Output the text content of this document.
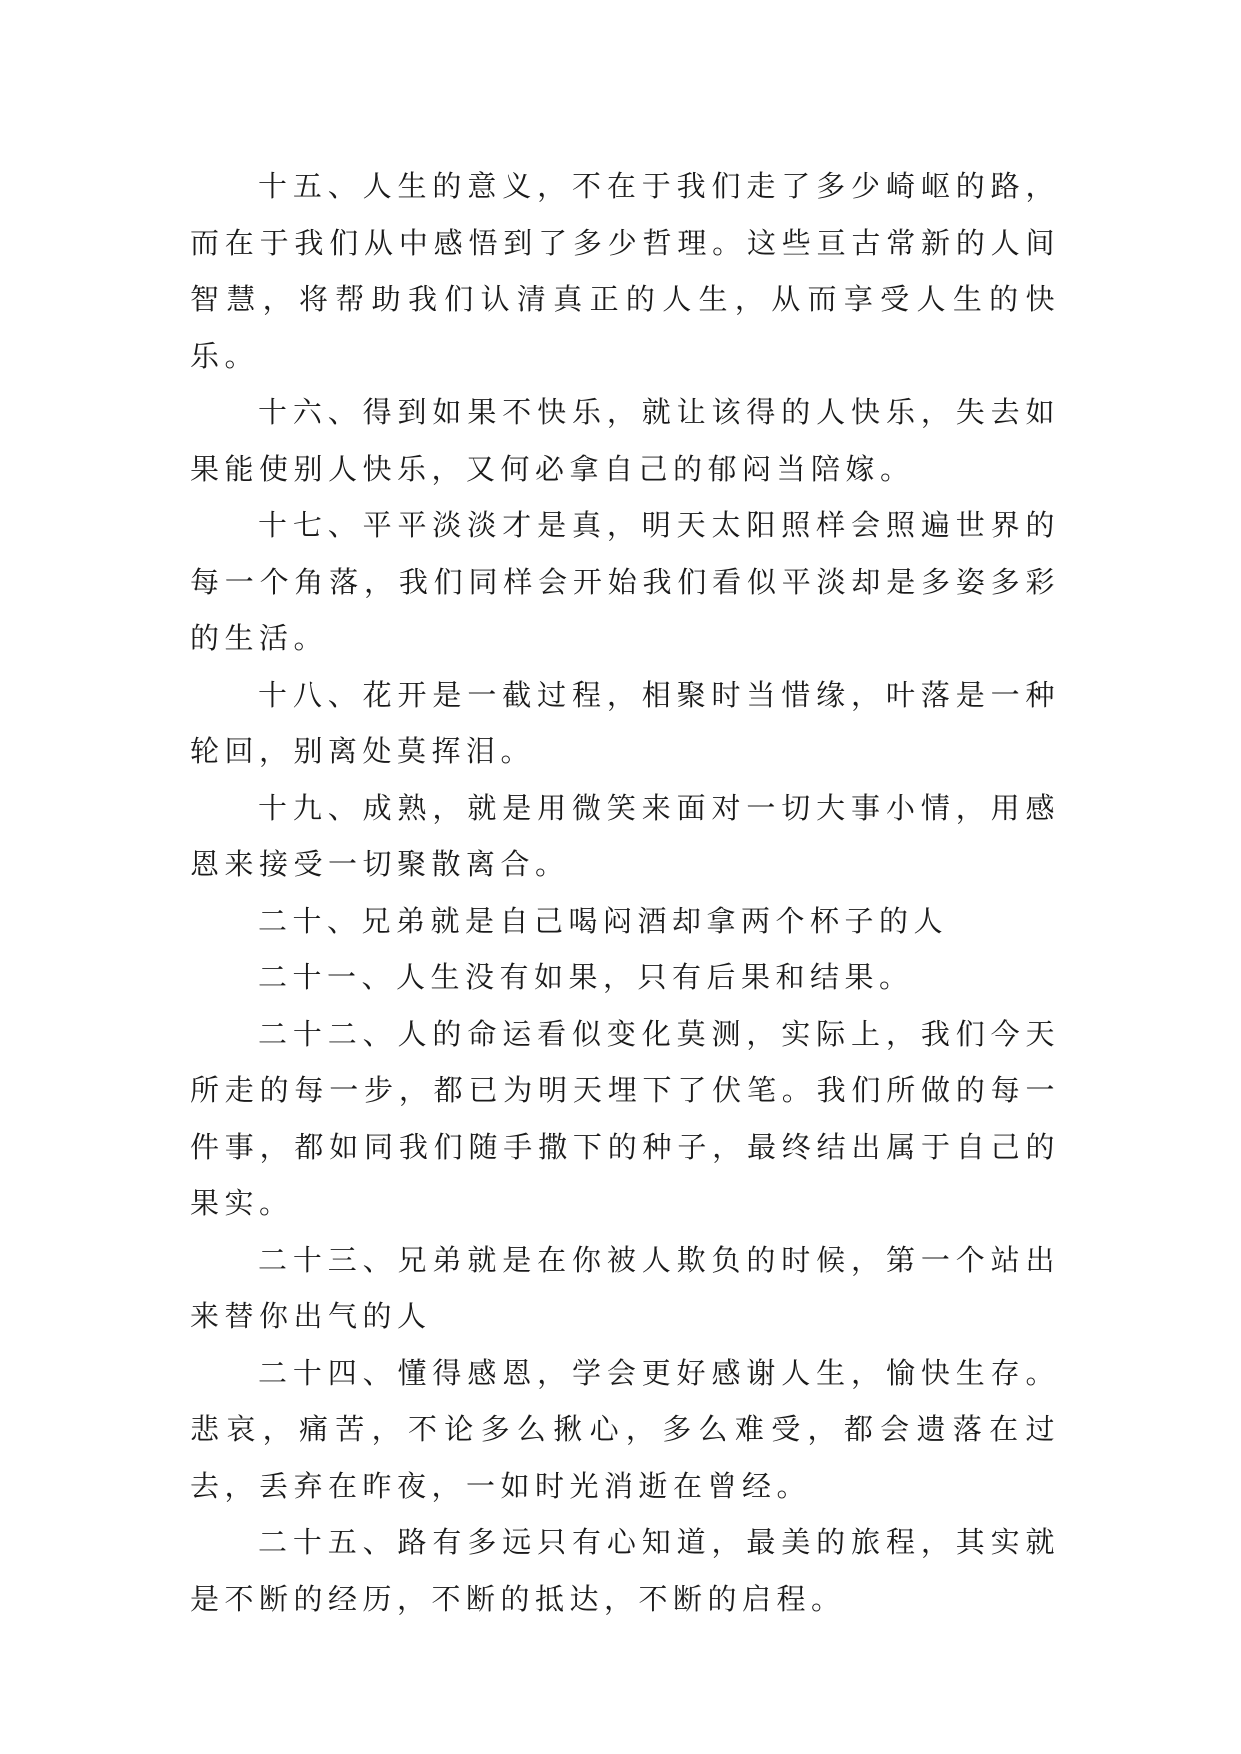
十五、人生的意义，不在于我们走了多少崎岖的路，而在于我们从中感悟到了多少哲理。这些亘古常新的人间智慧，将帮助我们认清真正的人生，从而享受人生的快乐。

十六、得到如果不快乐，就让该得的人快乐，失去如果能使别人快乐，又何必拿自己的郁闷当陪嫁。

十七、平平淡淡才是真，明天太阳照样会照遍世界的每一个角落，我们同样会开始我们看似平淡却是多姿多彩的生活。

十八、花开是一截过程，相聚时当惜缘，叶落是一种轮回，别离处莫挥泪。

十九、成熟，就是用微笑来面对一切大事小情，用感恩来接受一切聚散离合。

二十、兄弟就是自己喝闷酒却拿两个杯子的人

二十一、人生没有如果，只有后果和结果。

二十二、人的命运看似变化莫测，实际上，我们今天所走的每一步，都已为明天埋下了伏笔。我们所做的每一件事，都如同我们随手撒下的种子，最终结出属于自己的果实。

二十三、兄弟就是在你被人欺负的时候，第一个站出来替你出气的人

二十四、懂得感恩，学会更好感谢人生，愉快生存。悲哀，痛苦，不论多么揪心，多么难受，都会遗落在过去，丢弃在昨夜，一如时光消逝在曾经。

二十五、路有多远只有心知道，最美的旅程，其实就是不断的经历，不断的抵达，不断的启程。
